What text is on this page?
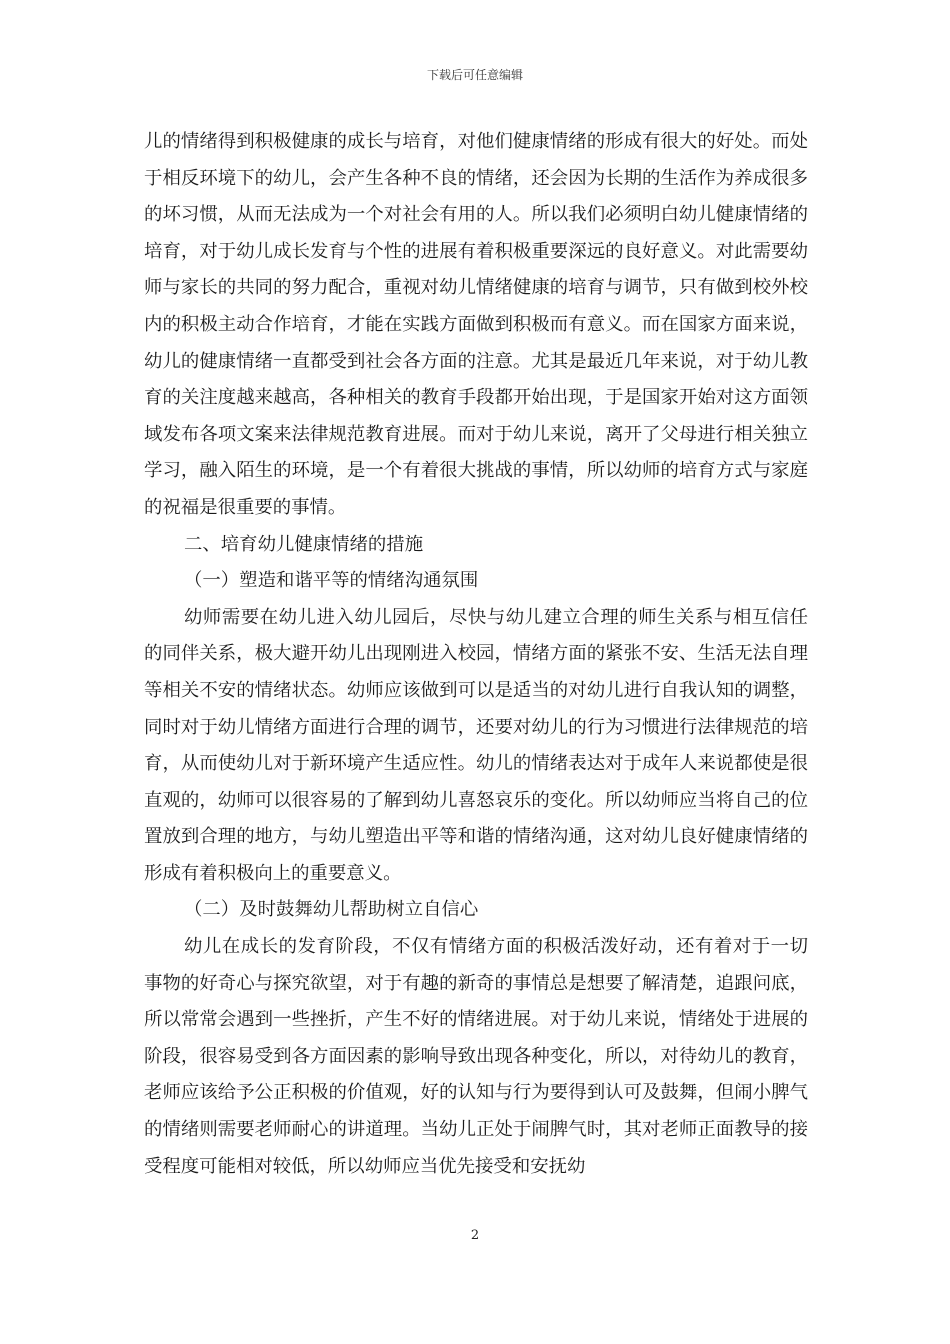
下载后可任意编辑

儿的情绪得到积极健康的成长与培育，对他们健康情绪的形成有很大的好处。而处于相反环境下的幼儿，会产生各种不良的情绪，还会因为长期的生活作为养成很多的坏习惯，从而无法成为一个对社会有用的人。所以我们必须明白幼儿健康情绪的培育，对于幼儿成长发育与个性的进展有着积极重要深远的良好意义。对此需要幼师与家长的共同的努力配合，重视对幼儿情绪健康的培育与调节，只有做到校外校内的积极主动合作培育，才能在实践方面做到积极而有意义。而在国家方面来说，幼儿的健康情绪一直都受到社会各方面的注意。尤其是最近几年来说，对于幼儿教育的关注度越来越高，各种相关的教育手段都开始出现，于是国家开始对这方面领域发布各项文案来法律规范教育进展。而对于幼儿来说，离开了父母进行相关独立学习，融入陌生的环境，是一个有着很大挑战的事情，所以幼师的培育方式与家庭的祝福是很重要的事情。

二、培育幼儿健康情绪的措施

（一）塑造和谐平等的情绪沟通氛围

幼师需要在幼儿进入幼儿园后，尽快与幼儿建立合理的师生关系与相互信任的同伴关系，极大避开幼儿出现刚进入校园，情绪方面的紧张不安、生活无法自理等相关不安的情绪状态。幼师应该做到可以是适当的对幼儿进行自我认知的调整，同时对于幼儿情绪方面进行合理的调节，还要对幼儿的行为习惯进行法律规范的培育，从而使幼儿对于新环境产生适应性。幼儿的情绪表达对于成年人来说都使是很直观的，幼师可以很容易的了解到幼儿喜怒哀乐的变化。所以幼师应当将自己的位置放到合理的地方，与幼儿塑造出平等和谐的情绪沟通，这对幼儿良好健康情绪的形成有着积极向上的重要意义。

（二）及时鼓舞幼儿帮助树立自信心

幼儿在成长的发育阶段，不仅有情绪方面的积极活泼好动，还有着对于一切事物的好奇心与探究欲望，对于有趣的新奇的事情总是想要了解清楚，追跟问底，所以常常会遇到一些挫折，产生不好的情绪进展。对于幼儿来说，情绪处于进展的阶段，很容易受到各方面因素的影响导致出现各种变化，所以，对待幼儿的教育，老师应该给予公正积极的价值观，好的认知与行为要得到认可及鼓舞，但闹小脾气的情绪则需要老师耐心的讲道理。当幼儿正处于闹脾气时，其对老师正面教导的接受程度可能相对较低，所以幼师应当优先接受和安抚幼

2
